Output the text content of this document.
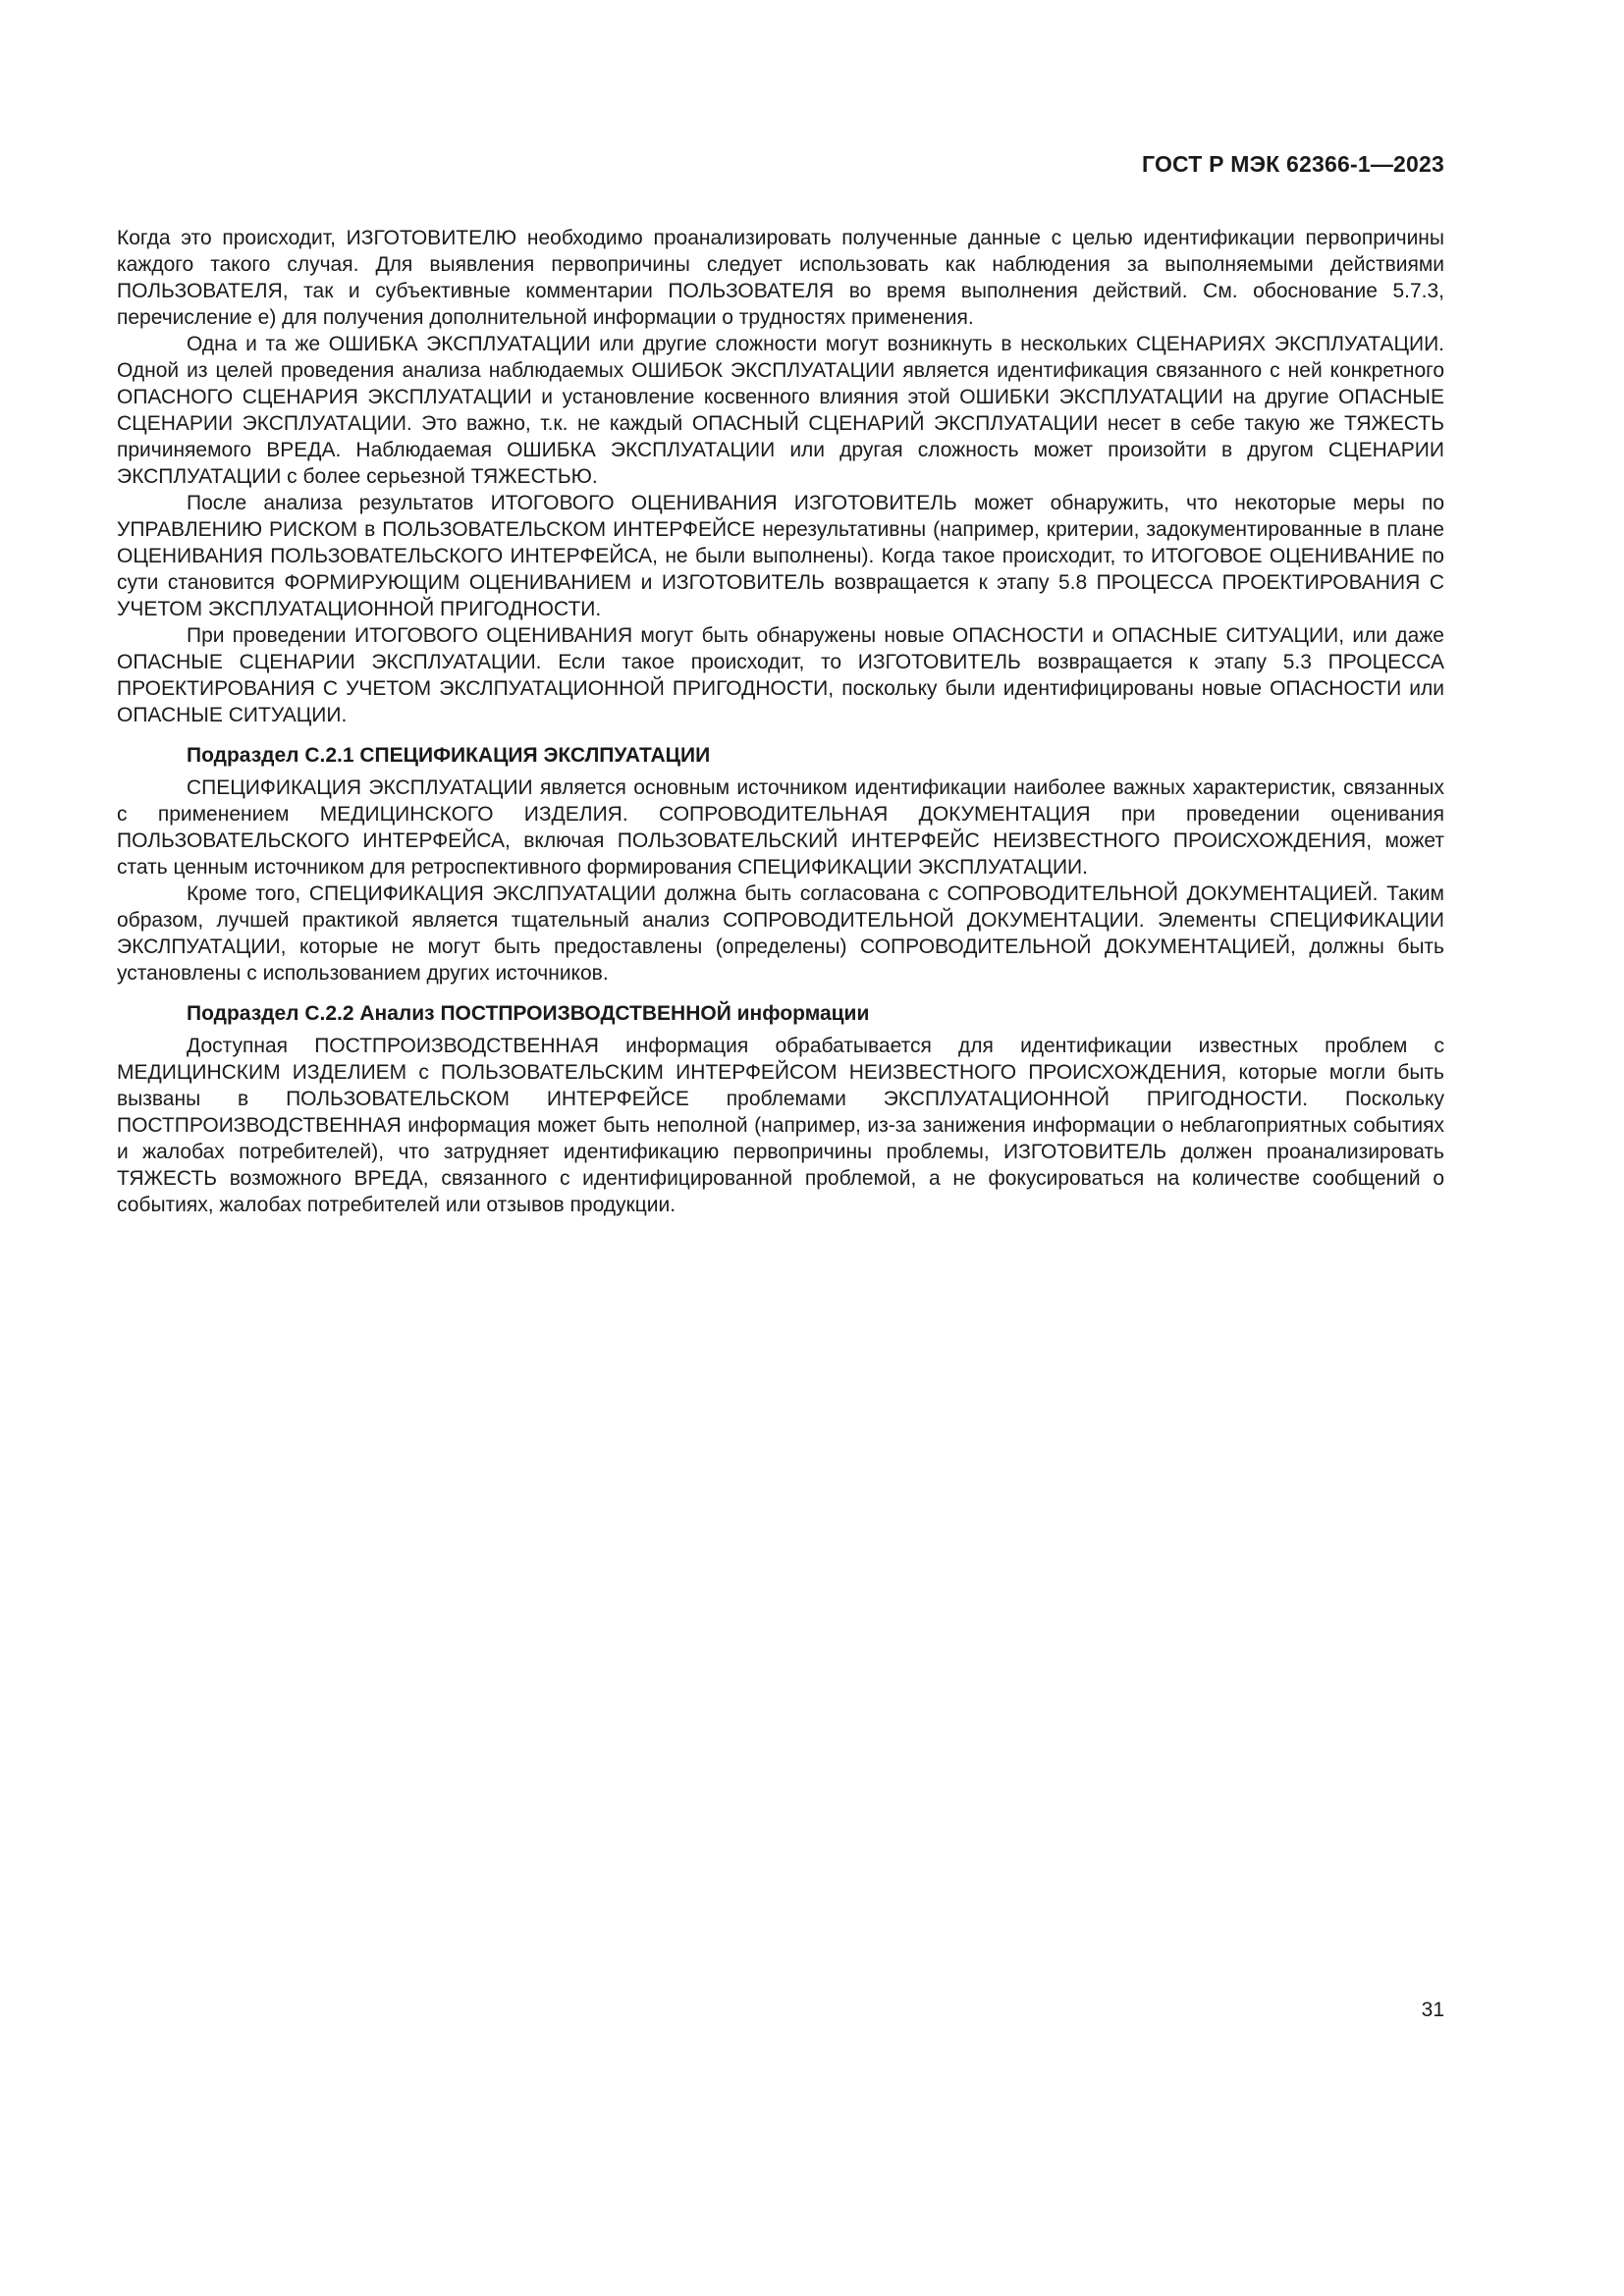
ГОСТ Р МЭК 62366-1—2023

Когда это происходит, ИЗГОТОВИТЕЛЮ необходимо проанализировать полученные данные с целью идентификации первопричины каждого такого случая. Для выявления первопричины следует использовать как наблюдения за выполняемыми действиями ПОЛЬЗОВАТЕЛЯ, так и субъективные комментарии ПОЛЬЗОВАТЕЛЯ во время выполнения действий. См. обоснование 5.7.3, перечисление е) для получения дополнительной информации о трудностях применения.

Одна и та же ОШИБКА ЭКСПЛУАТАЦИИ или другие сложности могут возникнуть в нескольких СЦЕНАРИЯХ ЭКСПЛУАТАЦИИ. Одной из целей проведения анализа наблюдаемых ОШИБОК ЭКСПЛУАТАЦИИ является идентификация связанного с ней конкретного ОПАСНОГО СЦЕНАРИЯ ЭКСПЛУАТАЦИИ и установление косвенного влияния этой ОШИБКИ ЭКСПЛУАТАЦИИ на другие ОПАСНЫЕ СЦЕНАРИИ ЭКСПЛУАТАЦИИ. Это важно, т.к. не каждый ОПАСНЫЙ СЦЕНАРИЙ ЭКСПЛУАТАЦИИ несет в себе такую же ТЯЖЕСТЬ причиняемого ВРЕДА. Наблюдаемая ОШИБКА ЭКСПЛУАТАЦИИ или другая сложность может произойти в другом СЦЕНАРИИ ЭКСПЛУАТАЦИИ с более серьезной ТЯЖЕСТЬЮ.

После анализа результатов ИТОГОВОГО ОЦЕНИВАНИЯ ИЗГОТОВИТЕЛЬ может обнаружить, что некоторые меры по УПРАВЛЕНИЮ РИСКОМ в ПОЛЬЗОВАТЕЛЬСКОМ ИНТЕРФЕЙСЕ нерезультативны (например, критерии, задокументированные в плане ОЦЕНИВАНИЯ ПОЛЬЗОВАТЕЛЬСКОГО ИНТЕРФЕЙСА, не были выполнены). Когда такое происходит, то ИТОГОВОЕ ОЦЕНИВАНИЕ по сути становится ФОРМИРУЮЩИМ ОЦЕНИВАНИЕМ и ИЗГОТОВИТЕЛЬ возвращается к этапу 5.8 ПРОЦЕССА ПРОЕКТИРОВАНИЯ С УЧЕТОМ ЭКСПЛУАТАЦИОННОЙ ПРИГОДНОСТИ.

При проведении ИТОГОВОГО ОЦЕНИВАНИЯ могут быть обнаружены новые ОПАСНОСТИ и ОПАСНЫЕ СИТУАЦИИ, или даже ОПАСНЫЕ СЦЕНАРИИ ЭКСПЛУАТАЦИИ. Если такое происходит, то ИЗГОТОВИТЕЛЬ возвращается к этапу 5.3 ПРОЦЕССА ПРОЕКТИРОВАНИЯ С УЧЕТОМ ЭКСЛПУАТАЦИОННОЙ ПРИГОДНОСТИ, поскольку были идентифицированы новые ОПАСНОСТИ или ОПАСНЫЕ СИТУАЦИИ.

Подраздел С.2.1 СПЕЦИФИКАЦИЯ ЭКСЛПУАТАЦИИ

СПЕЦИФИКАЦИЯ ЭКСПЛУАТАЦИИ является основным источником идентификации наиболее важных характеристик, связанных с применением МЕДИЦИНСКОГО ИЗДЕЛИЯ. СОПРОВОДИТЕЛЬНАЯ ДОКУМЕНТАЦИЯ при проведении оценивания ПОЛЬЗОВАТЕЛЬСКОГО ИНТЕРФЕЙСА, включая ПОЛЬЗОВАТЕЛЬСКИЙ ИНТЕРФЕЙС НЕИЗВЕСТНОГО ПРОИСХОЖДЕНИЯ, может стать ценным источником для ретроспективного формирования СПЕЦИФИКАЦИИ ЭКСПЛУАТАЦИИ.

Кроме того, СПЕЦИФИКАЦИЯ ЭКСЛПУАТАЦИИ должна быть согласована с СОПРОВОДИТЕЛЬНОЙ ДОКУМЕНТАЦИЕЙ. Таким образом, лучшей практикой является тщательный анализ СОПРОВОДИТЕЛЬНОЙ ДОКУМЕНТАЦИИ. Элементы СПЕЦИФИКАЦИИ ЭКСЛПУАТАЦИИ, которые не могут быть предоставлены (определены) СОПРОВОДИТЕЛЬНОЙ ДОКУМЕНТАЦИЕЙ, должны быть установлены с использованием других источников.

Подраздел С.2.2 Анализ ПОСТПРОИЗВОДСТВЕННОЙ информации

Доступная ПОСТПРОИЗВОДСТВЕННАЯ информация обрабатывается для идентификации известных проблем с МЕДИЦИНСКИМ ИЗДЕЛИЕМ с ПОЛЬЗОВАТЕЛЬСКИМ ИНТЕРФЕЙСОМ НЕИЗВЕСТНОГО ПРОИСХОЖДЕНИЯ, которые могли быть вызваны в ПОЛЬЗОВАТЕЛЬСКОМ ИНТЕРФЕЙСЕ проблемами ЭКСПЛУАТАЦИОННОЙ ПРИГОДНОСТИ. Поскольку ПОСТПРОИЗВОДСТВЕННАЯ информация может быть неполной (например, из-за занижения информации о неблагоприятных событиях и жалобах потребителей), что затрудняет идентификацию первопричины проблемы, ИЗГОТОВИТЕЛЬ должен проанализировать ТЯЖЕСТЬ возможного ВРЕДА, связанного с идентифицированной проблемой, а не фокусироваться на количестве сообщений о событиях, жалобах потребителей или отзывов продукции.

31
